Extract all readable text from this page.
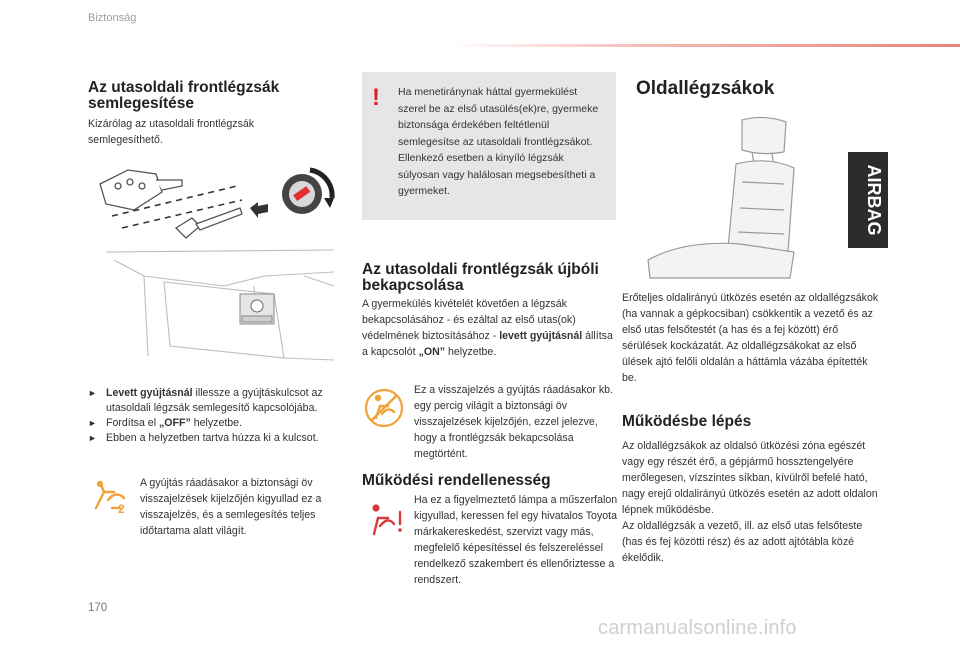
Biztonság
Az utasoldali frontlégzsák semlegesítése
Kizárólag az utasoldali frontlégzsák semlegesíthető.
► Levett gyújtásnál illessze a gyújtáskulcsot az utasoldali légzsák semlegesítő kapcsolójába.
► Fordítsa el „OFF” helyzetbe.
► Ebben a helyzetben tartva húzza ki a kulcsot.
2
A gyújtás ráadásakor a biztonsági öv visszajelzések kijelzőjén kigyullad ez a visszajelzés, és a semlegesítés teljes időtartama alatt világít.
! Ha menetiránynak háttal gyermekülést szerel be az első utasülés(ek)re, gyermeke biztonsága érdekében feltétlenül semlegesítse az utasoldali frontlégzsákot.
Ellenkező esetben a kinyíló légzsák súlyosan vagy halálosan megsebesítheti a gyermeket.
Az utasoldali frontlégzsák újbóli bekapcsolása
A gyermekülés kivételét követően a légzsák bekapcsolásához - és ezáltal az első utas(ok) védelmének biztosításához - levett gyújtásnál állítsa a kapcsolót „ON” helyzetbe.
Ez a visszajelzés a gyújtás ráadásakor kb. egy percig világít a biztonsági öv visszajelzések kijelzőjén, ezzel jelezve, hogy a frontlégzsák bekapcsolása megtörtént.
Működési rendellenesség
Ha ez a figyelmeztető lámpa a műszerfalon kigyullad, keressen fel egy hivatalos Toyota márkakereskedést, szervizt vagy más, megfelelő képesítéssel és felszereléssel rendelkező szakembert és ellenőriztesse a rendszert.
Oldallégzsákok
AIRBAG
Erőteljes oldalirányú ütközés esetén az oldallégzsákok (ha vannak a gépkocsiban) csökkentik a vezető és az első utas felsőtestét (a has és a fej között) érő sérülések kockázatát. Az oldallégzsákokat az első ülések ajtó felőli oldalán a háttámla vázába építették be.
Működésbe lépés
Az oldallégzsákok az oldalsó ütközési zóna egészét vagy egy részét érő, a gépjármű hossztengelyére merőlegesen, vízszintes síkban, kívülről befelé ható, nagy erejű oldalirányú ütközés esetén az adott oldalon lépnek működésbe.
Az oldallégzsák a vezető, ill. az első utas felsőteste (has és fej közötti rész) és az adott ajtótábla közé ékelődik.
170
carmanualsonline.info
